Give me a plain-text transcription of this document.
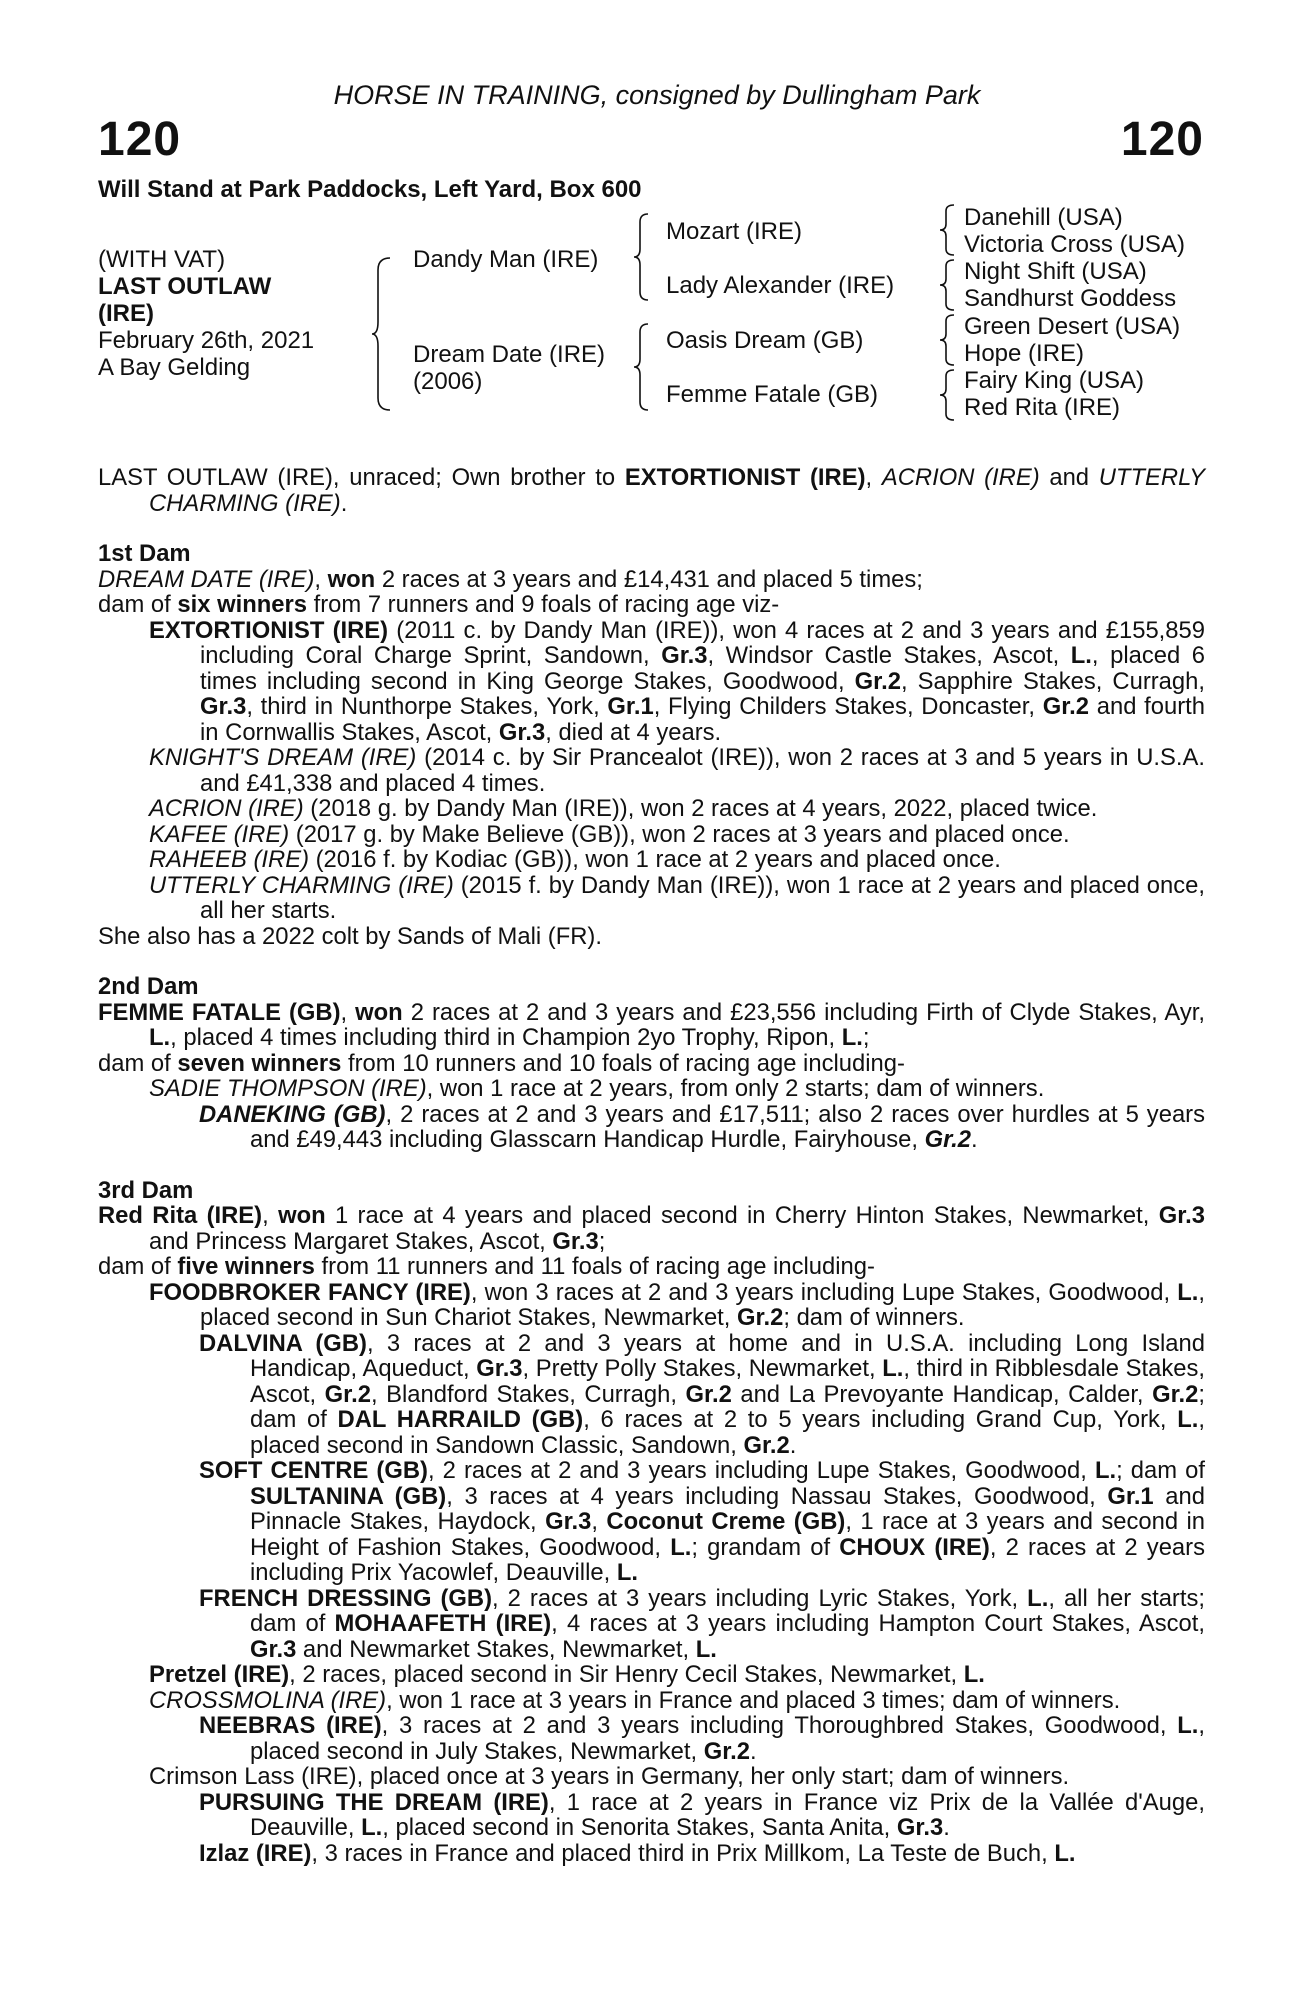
HORSE IN TRAINING, consigned by Dullingham Park
120	120
Will Stand at Park Paddocks, Left Yard, Box 600
(WITH VAT)
LAST OUTLAW
(IRE)
February 26th, 2021
A Bay Gelding
Dandy Man (IRE)
Dream Date (IRE)
(2006)
Mozart (IRE)
Lady Alexander (IRE)
Oasis Dream (GB)
Femme Fatale (GB)
Danehill (USA)
Victoria Cross (USA)
Night Shift (USA)
Sandhurst Goddess
Green Desert (USA)
Hope (IRE)
Fairy King (USA)
Red Rita (IRE)

LAST OUTLAW (IRE), unraced; Own brother to EXTORTIONIST (IRE), ACRION (IRE) and UTTERLY CHARMING (IRE).

1st Dam

DREAM DATE (IRE), won 2 races at 3 years and £14,431 and placed 5 times;

dam of six winners from 7 runners and 9 foals of racing age viz-

EXTORTIONIST (IRE) (2011 c. by Dandy Man (IRE)), won 4 races at 2 and 3 years and £155,859 including Coral Charge Sprint, Sandown, Gr.3, Windsor Castle Stakes, Ascot, L., placed 6 times including second in King George Stakes, Goodwood, Gr.2, Sapphire Stakes, Curragh, Gr.3, third in Nunthorpe Stakes, York, Gr.1, Flying Childers Stakes, Doncaster, Gr.2 and fourth in Cornwallis Stakes, Ascot, Gr.3, died at 4 years.

KNIGHT'S DREAM (IRE) (2014 c. by Sir Prancealot (IRE)), won 2 races at 3 and 5 years in U.S.A. and £41,338 and placed 4 times.

ACRION (IRE) (2018 g. by Dandy Man (IRE)), won 2 races at 4 years, 2022, placed twice.

KAFEE (IRE) (2017 g. by Make Believe (GB)), won 2 races at 3 years and placed once.

RAHEEB (IRE) (2016 f. by Kodiac (GB)), won 1 race at 2 years and placed once.

UTTERLY CHARMING (IRE) (2015 f. by Dandy Man (IRE)), won 1 race at 2 years and placed once, all her starts.

She also has a 2022 colt by Sands of Mali (FR).

2nd Dam

FEMME FATALE (GB), won 2 races at 2 and 3 years and £23,556 including Firth of Clyde Stakes, Ayr, L., placed 4 times including third in Champion 2yo Trophy, Ripon, L.;

dam of seven winners from 10 runners and 10 foals of racing age including-

SADIE THOMPSON (IRE), won 1 race at 2 years, from only 2 starts; dam of winners.

DANEKING (GB), 2 races at 2 and 3 years and £17,511; also 2 races over hurdles at 5 years and £49,443 including Glasscarn Handicap Hurdle, Fairyhouse, Gr.2.

3rd Dam

Red Rita (IRE), won 1 race at 4 years and placed second in Cherry Hinton Stakes, Newmarket, Gr.3 and Princess Margaret Stakes, Ascot, Gr.3;

dam of five winners from 11 runners and 11 foals of racing age including-

FOODBROKER FANCY (IRE), won 3 races at 2 and 3 years including Lupe Stakes, Goodwood, L., placed second in Sun Chariot Stakes, Newmarket, Gr.2; dam of winners.

DALVINA (GB), 3 races at 2 and 3 years at home and in U.S.A. including Long Island Handicap, Aqueduct, Gr.3, Pretty Polly Stakes, Newmarket, L., third in Ribblesdale Stakes, Ascot, Gr.2, Blandford Stakes, Curragh, Gr.2 and La Prevoyante Handicap, Calder, Gr.2; dam of DAL HARRAILD (GB), 6 races at 2 to 5 years including Grand Cup, York, L., placed second in Sandown Classic, Sandown, Gr.2.

SOFT CENTRE (GB), 2 races at 2 and 3 years including Lupe Stakes, Goodwood, L.; dam of SULTANINA (GB), 3 races at 4 years including Nassau Stakes, Goodwood, Gr.1 and Pinnacle Stakes, Haydock, Gr.3, Coconut Creme (GB), 1 race at 3 years and second in Height of Fashion Stakes, Goodwood, L.; grandam of CHOUX (IRE), 2 races at 2 years including Prix Yacowlef, Deauville, L.

FRENCH DRESSING (GB), 2 races at 3 years including Lyric Stakes, York, L., all her starts; dam of MOHAAFETH (IRE), 4 races at 3 years including Hampton Court Stakes, Ascot, Gr.3 and Newmarket Stakes, Newmarket, L.

Pretzel (IRE), 2 races, placed second in Sir Henry Cecil Stakes, Newmarket, L.

CROSSMOLINA (IRE), won 1 race at 3 years in France and placed 3 times; dam of winners.

NEEBRAS (IRE), 3 races at 2 and 3 years including Thoroughbred Stakes, Goodwood, L., placed second in July Stakes, Newmarket, Gr.2.

Crimson Lass (IRE), placed once at 3 years in Germany, her only start; dam of winners.

PURSUING THE DREAM (IRE), 1 race at 2 years in France viz Prix de la Vallée d'Auge, Deauville, L., placed second in Senorita Stakes, Santa Anita, Gr.3.

Izlaz (IRE), 3 races in France and placed third in Prix Millkom, La Teste de Buch, L.
